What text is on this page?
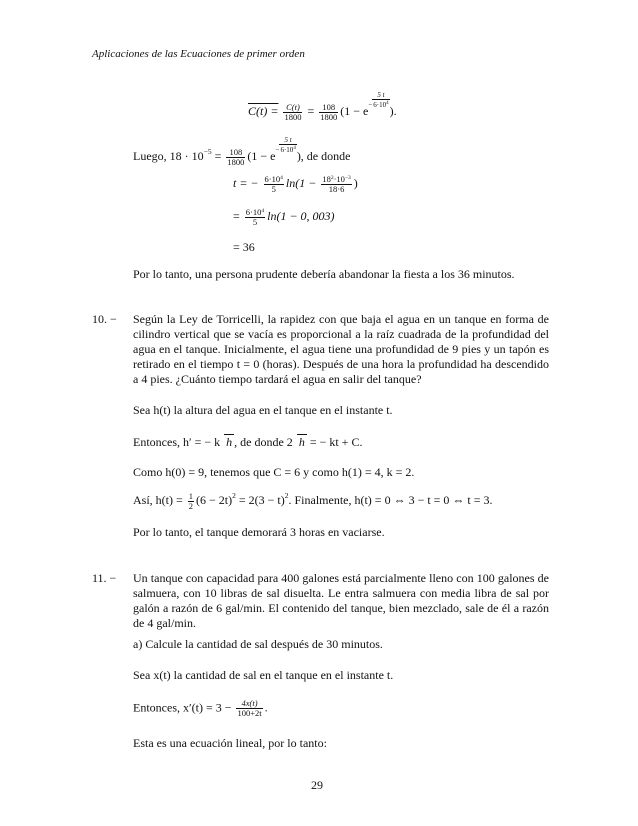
Aplicaciones de las Ecuaciones de primer orden
$C(t) = \frac{C(t)}{1800} = \frac{108}{1800} (1 - e- \frac{5 t}{6\cdot 10^4}$
).
Luego, $18 \cdot 10^{-5} = \frac{108}{1800} (1 - e- \frac{5 t}{6\cdot 10^4}$
), de donde
t = − $\frac{6\cdot 10^4}{5} \ln(1 - \frac{18^2\cdot 10^{-3}}{18\cdot 6}$ )
= $\frac{6\cdot 10^4}{5} \ln(1 - 0$, 003)
= 36
Por lo tanto, una persona prudente debería abandonar la fiesta a los 36 minutos.
10. − Según la Ley de Torricelli, la rapidez con que baja el agua en un tanque en forma de cilindro vertical que se vacía es proporcional a la raíz cuadrada de la profundidad del agua en el tanque. Inicialmente, el agua tiene una profundidad de 9 pies y un tapón es retirado en el tiempo t = 0 (horas). Después de una hora la profundidad ha descendido a 4 pies. ¿Cuánto tiempo tardará el agua en salir del tanque?
Sea h(t) la altura del agua en el tanque en el instante t.
Entonces, h′ = − k h , de donde 2 h = − kt + C.
Como h(0) = 9, tenemos que C = 6 y como h(1) = 4, k = 2.
Así, $h(t) = \frac{1}{2} (6 - 2t)^2 = 2(3 - t)^2$. Finalmente, h(t) = 0 ⇔ 3 − t = 0 ⇔ t = 3.
Por lo tanto, el tanque demorará 3 horas en vaciarse.
11. − Un tanque con capacidad para 400 galones está parcialmente lleno con 100 galones de salmuera, con 10 libras de sal disuelta. Le entra salmuera con media libra de sal por galón a razón de 6 gal/min. El contenido del tanque, bien mezclado, sale de él a razón de 4 gal/min.
a) Calcule la cantidad de sal después de 30 minutos.
Sea x(t) la cantidad de sal en el tanque en el instante t.
Entonces, $x'(t) = 3 - \frac{4x(t)}{100+2t}$ .
Esta es una ecuación lineal, por lo tanto:
29
